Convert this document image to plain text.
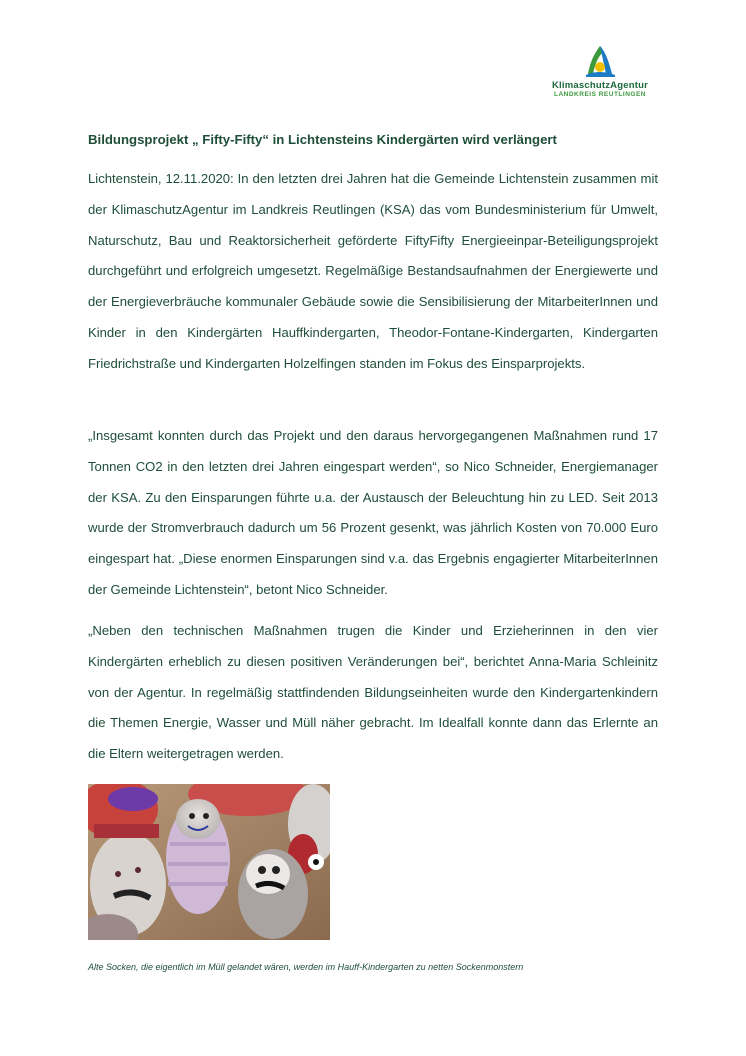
KlimaschutzAgentur
LANDKREIS REUTLINGEN
Bildungsprojekt „ Fifty-Fifty“ in Lichtensteins Kindergärten wird verlängert

Lichtenstein, 12.11.2020: In den letzten drei Jahren hat die Gemeinde Lichtenstein zusammen mit der KlimaschutzAgentur im Landkreis Reutlingen (KSA) das vom Bundesministerium für Umwelt, Naturschutz, Bau und Reaktorsicherheit geförderte FiftyFifty Energieeinpar-Beteiligungsprojekt durchgeführt und erfolgreich umgesetzt. Regelmäßige Bestandsaufnahmen der Energiewerte und der Energieverbräuche kommunaler Gebäude sowie die Sensibilisierung der MitarbeiterInnen und Kinder in den Kindergärten Hauffkindergarten, Theodor-Fontane-Kindergarten, Kindergarten Friedrichstraße und Kindergarten Holzelfingen standen im Fokus des Einsparprojekts.

„Insgesamt konnten durch das Projekt und den daraus hervorgegangenen Maßnahmen rund 17 Tonnen CO2 in den letzten drei Jahren eingespart werden“, so Nico Schneider, Energiemanager der KSA. Zu den Einsparungen führte u.a. der Austausch der Beleuchtung hin zu LED. Seit 2013 wurde der Stromverbrauch dadurch um 56 Prozent gesenkt, was jährlich Kosten von 70.000 Euro eingespart hat. „Diese enormen Einsparungen sind v.a. das Ergebnis engagierter MitarbeiterInnen der Gemeinde Lichtenstein“, betont Nico Schneider.

„Neben den technischen Maßnahmen trugen die Kinder und Erzieherinnen in den vier Kindergärten erheblich zu diesen positiven Veränderungen bei“, berichtet Anna-Maria Schleinitz von der Agentur. In regelmäßig stattfindenden Bildungseinheiten wurde den Kindergartenkindern die Themen Energie, Wasser und Müll näher gebracht. Im Idealfall konnte dann das Erlernte an die Eltern weitergetragen werden.

Alte Socken, die eigentlich im Müll gelandet wären, werden im Hauff-Kindergarten zu netten Sockenmonstern
